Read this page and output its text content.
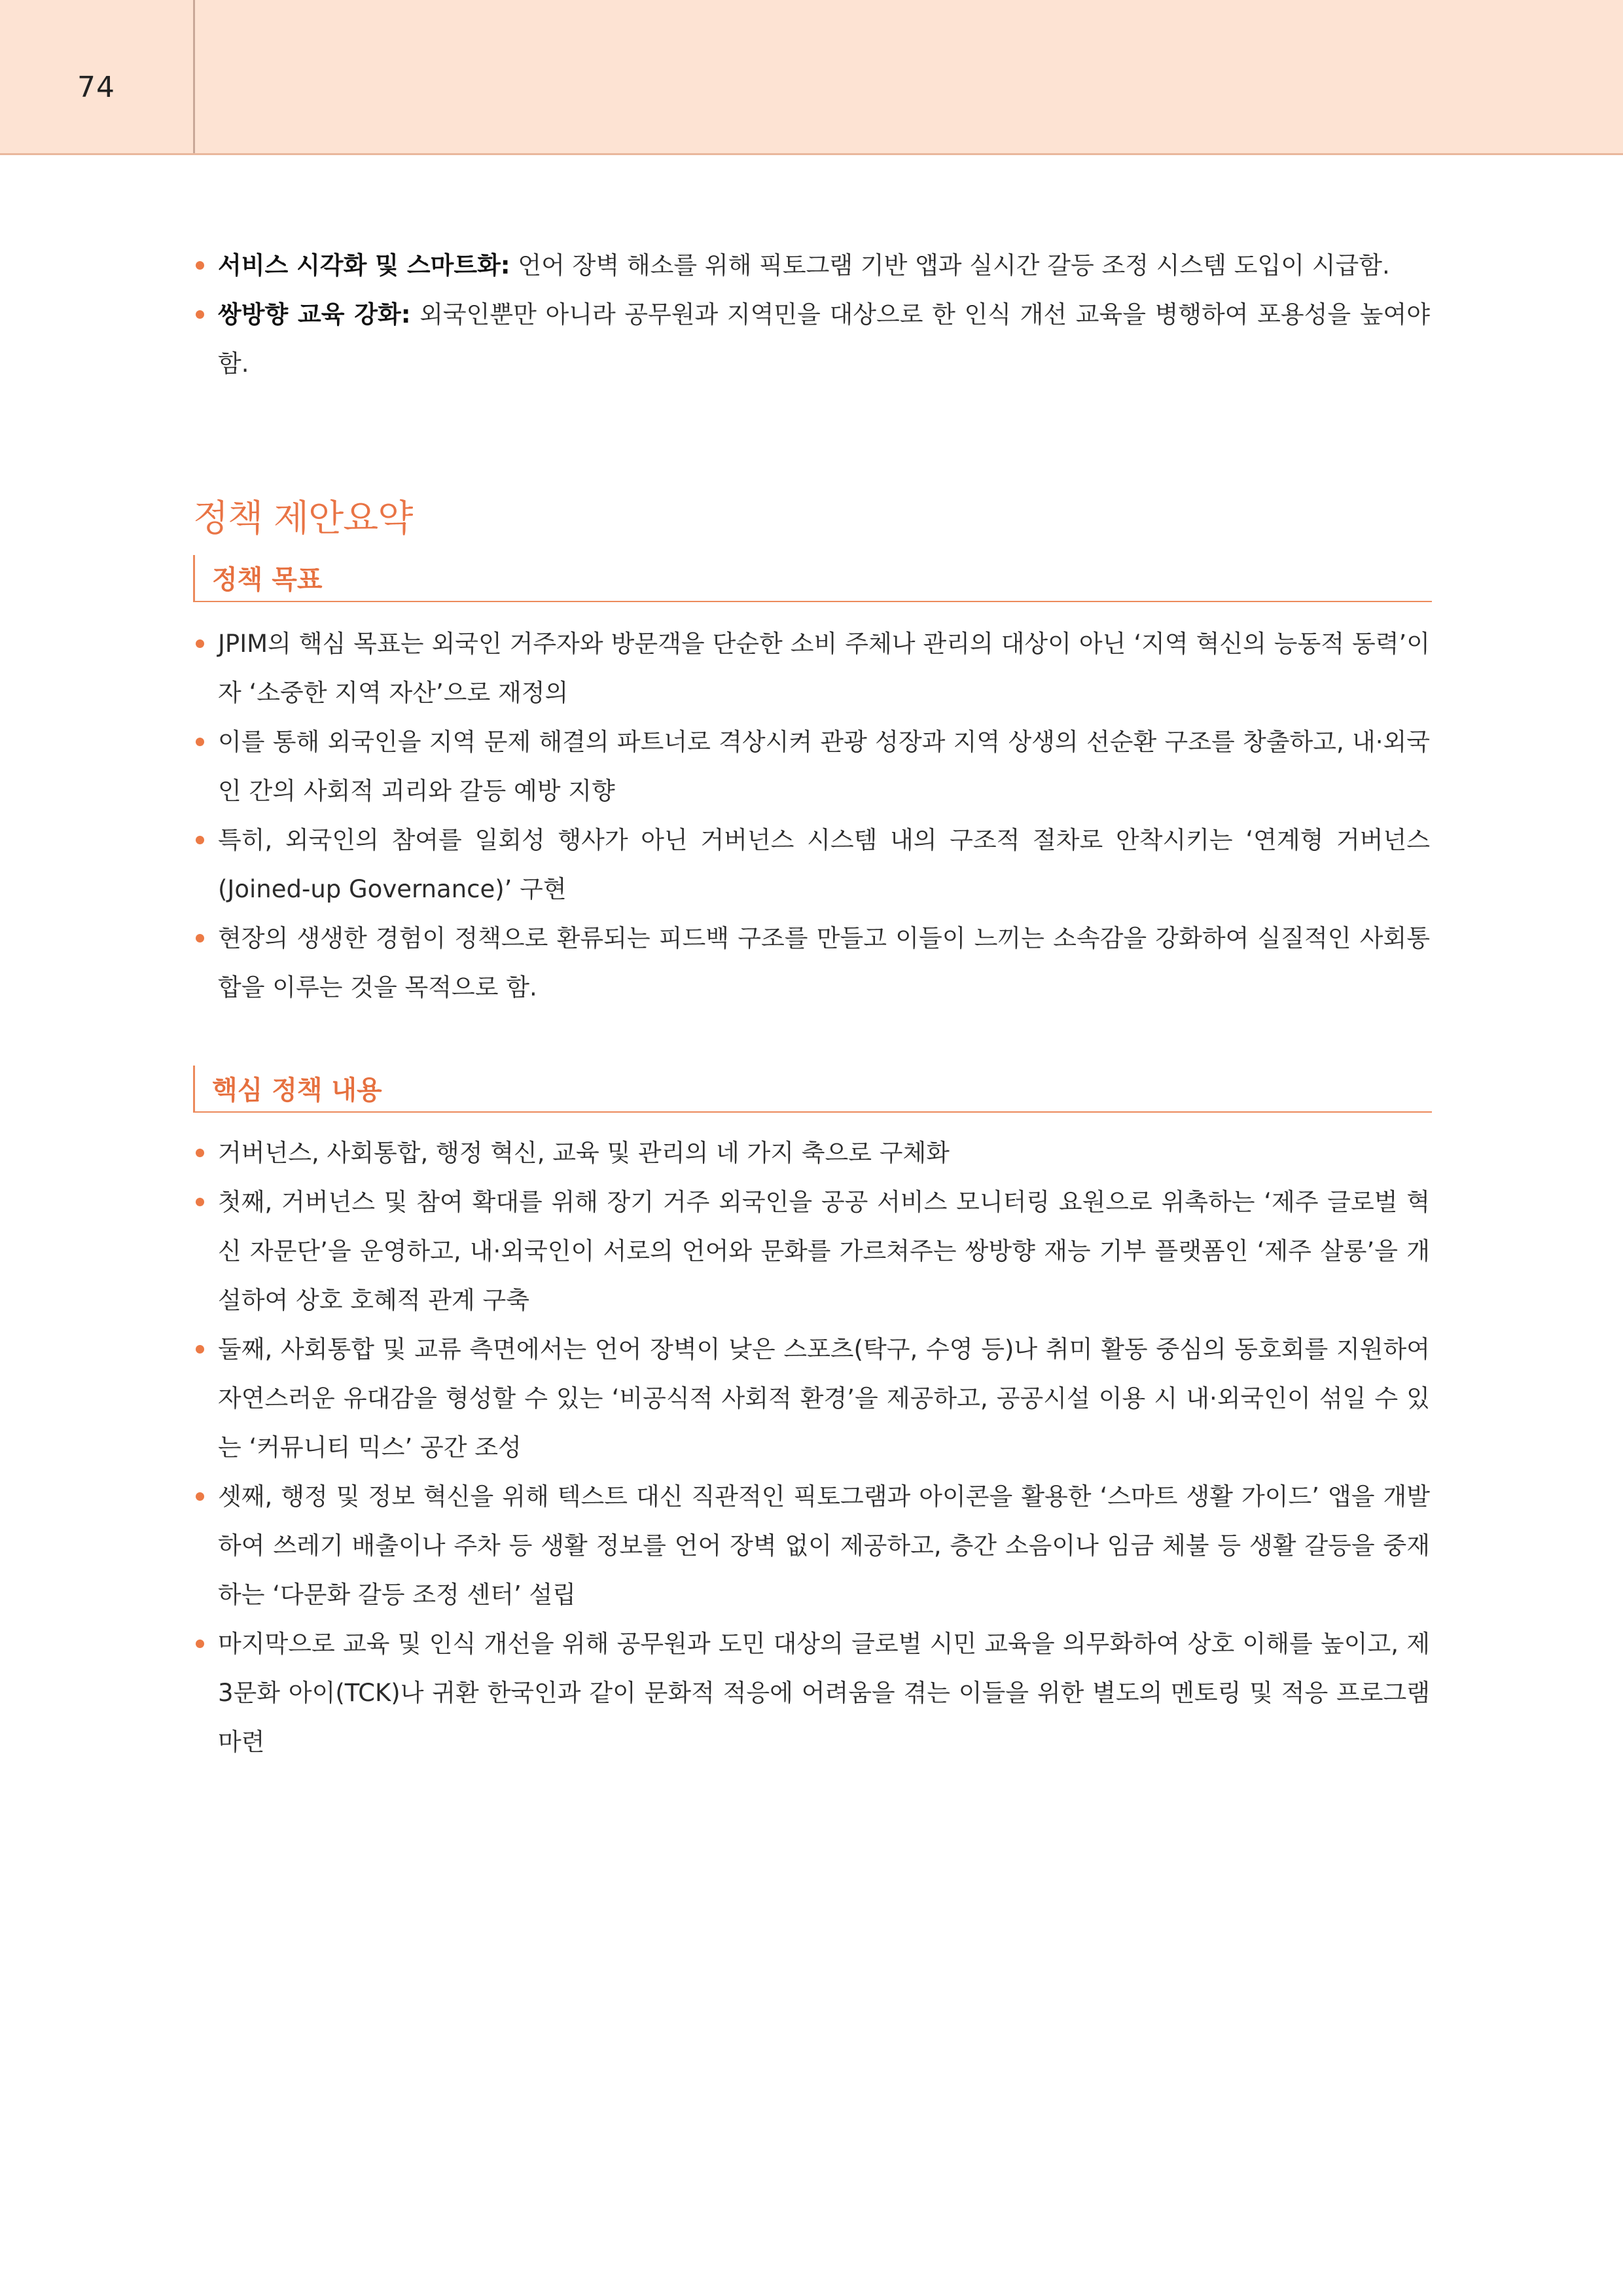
74
서비스 시각화 및 스마트화: 언어 장벽 해소를 위해 픽토그램 기반 앱과 실시간 갈등 조정 시스템 도입이 시급함.
쌍방향 교육 강화: 외국인뿐만 아니라 공무원과 지역민을 대상으로 한 인식 개선 교육을 병행하여 포용성을 높여야 함.
정책 제안요약
정책 목표
JPIM의 핵심 목표는 외국인 거주자와 방문객을 단순한 소비 주체나 관리의 대상이 아닌 ‘지역 혁신의 능동적 동력’이자 ‘소중한 지역 자산’으로 재정의
이를 통해 외국인을 지역 문제 해결의 파트너로 격상시켜 관광 성장과 지역 상생의 선순환 구조를 창출하고, 내·외국인 간의 사회적 괴리와 갈등 예방 지향
특히, 외국인의 참여를 일회성 행사가 아닌 거버넌스 시스템 내의 구조적 절차로 안착시키는 ‘연계형 거버넌스(Joined-up Governance)’ 구현
현장의 생생한 경험이 정책으로 환류되는 피드백 구조를 만들고 이들이 느끼는 소속감을 강화하여 실질적인 사회통합을 이루는 것을 목적으로 함.
핵심 정책 내용
거버넌스, 사회통합, 행정 혁신, 교육 및 관리의 네 가지 축으로 구체화
첫째, 거버넌스 및 참여 확대를 위해 장기 거주 외국인을 공공 서비스 모니터링 요원으로 위촉하는 ‘제주 글로벌 혁신 자문단’을 운영하고, 내·외국인이 서로의 언어와 문화를 가르쳐주는 쌍방향 재능 기부 플랫폼인 ‘제주 살롱’을 개설하여 상호 호혜적 관계 구축
둘째, 사회통합 및 교류 측면에서는 언어 장벽이 낮은 스포츠(탁구, 수영 등)나 취미 활동 중심의 동호회를 지원하여 자연스러운 유대감을 형성할 수 있는 ‘비공식적 사회적 환경’을 제공하고, 공공시설 이용 시 내·외국인이 섞일 수 있는 ‘커뮤니티 믹스’ 공간 조성
셋째, 행정 및 정보 혁신을 위해 텍스트 대신 직관적인 픽토그램과 아이콘을 활용한 ‘스마트 생활 가이드’ 앱을 개발하여 쓰레기 배출이나 주차 등 생활 정보를 언어 장벽 없이 제공하고, 층간 소음이나 임금 체불 등 생활 갈등을 중재하는 ‘다문화 갈등 조정 센터’ 설립
마지막으로 교육 및 인식 개선을 위해 공무원과 도민 대상의 글로벌 시민 교육을 의무화하여 상호 이해를 높이고, 제3문화 아이(TCK)나 귀환 한국인과 같이 문화적 적응에 어려움을 겪는 이들을 위한 별도의 멘토링 및 적응 프로그램 마련
